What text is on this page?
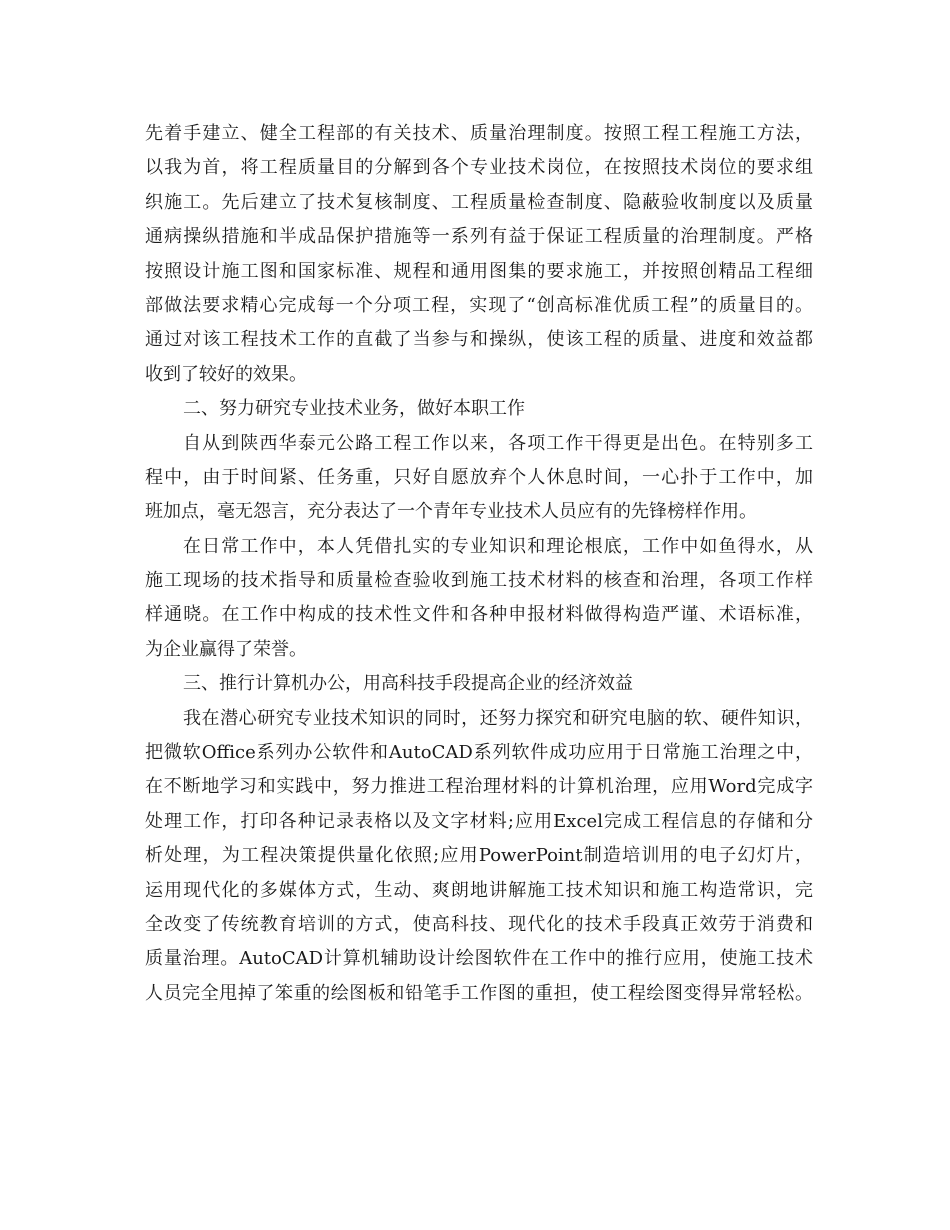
先着手建立、健全工程部的有关技术、质量治理制度。按照工程工程施工方法，
以我为首，将工程质量目的分解到各个专业技术岗位，在按照技术岗位的要求组
织施工。先后建立了技术复核制度、工程质量检查制度、隐蔽验收制度以及质量
通病操纵措施和半成品保护措施等一系列有益于保证工程质量的治理制度。严格
按照设计施工图和国家标准、规程和通用图集的要求施工，并按照创精品工程细
部做法要求精心完成每一个分项工程，实现了“创高标准优质工程”的质量目的。
通过对该工程技术工作的直截了当参与和操纵，使该工程的质量、进度和效益都
收到了较好的效果。
二、努力研究专业技术业务，做好本职工作
自从到陕西华泰元公路工程工作以来，各项工作干得更是出色。在特别多工
程中，由于时间紧、任务重，只好自愿放弃个人休息时间，一心扑于工作中，加
班加点，毫无怨言，充分表达了一个青年专业技术人员应有的先锋榜样作用。
在日常工作中，本人凭借扎实的专业知识和理论根底，工作中如鱼得水，从
施工现场的技术指导和质量检查验收到施工技术材料的核查和治理，各项工作样
样通晓。在工作中构成的技术性文件和各种申报材料做得构造严谨、术语标准，
为企业赢得了荣誉。
三、推行计算机办公，用高科技手段提高企业的经济效益
我在潜心研究专业技术知识的同时，还努力探究和研究电脑的软、硬件知识，
把微软Office系列办公软件和AutoCAD系列软件成功应用于日常施工治理之中，
在不断地学习和实践中，努力推进工程治理材料的计算机治理，应用Word完成字
处理工作，打印各种记录表格以及文字材料;应用Excel完成工程信息的存储和分
析处理，为工程决策提供量化依照;应用PowerPoint制造培训用的电子幻灯片，
运用现代化的多媒体方式，生动、爽朗地讲解施工技术知识和施工构造常识，完
全改变了传统教育培训的方式，使高科技、现代化的技术手段真正效劳于消费和
质量治理。AutoCAD计算机辅助设计绘图软件在工作中的推行应用，使施工技术
人员完全甩掉了笨重的绘图板和铅笔手工作图的重担，使工程绘图变得异常轻松。
